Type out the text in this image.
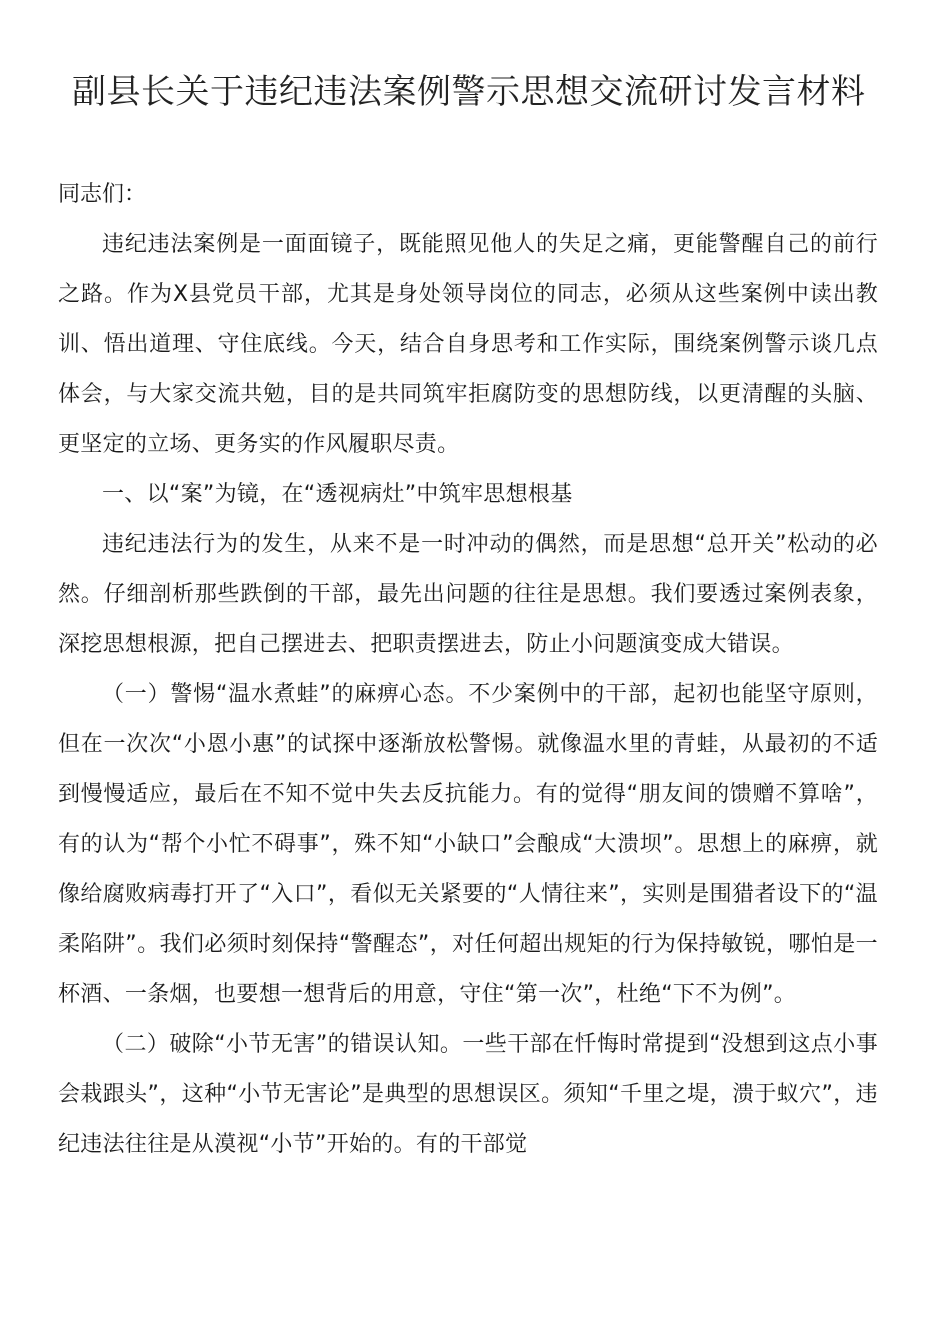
副县长关于违纪违法案例警示思想交流研讨发言材料

同志们：

违纪违法案例是一面面镜子，既能照见他人的失足之痛，更能警醒自己的前行之路。作为X县党员干部，尤其是身处领导岗位的同志，必须从这些案例中读出教训、悟出道理、守住底线。今天，结合自身思考和工作实际，围绕案例警示谈几点体会，与大家交流共勉，目的是共同筑牢拒腐防变的思想防线，以更清醒的头脑、更坚定的立场、更务实的作风履职尽责。

一、以“案”为镜，在“透视病灶”中筑牢思想根基

违纪违法行为的发生，从来不是一时冲动的偶然，而是思想“总开关”松动的必然。仔细剖析那些跌倒的干部，最先出问题的往往是思想。我们要透过案例表象，深挖思想根源，把自己摆进去、把职责摆进去，防止小问题演变成大错误。

（一）警惕“温水煮蛙”的麻痹心态。不少案例中的干部，起初也能坚守原则，但在一次次“小恩小惠”的试探中逐渐放松警惕。就像温水里的青蛙，从最初的不适到慢慢适应，最后在不知不觉中失去反抗能力。有的觉得“朋友间的馈赠不算啥”，有的认为“帮个小忙不碍事”，殊不知“小缺口”会酿成“大溃坝”。思想上的麻痹，就像给腐败病毒打开了“入口”，看似无关紧要的“人情往来”，实则是围猎者设下的“温柔陷阱”。我们必须时刻保持“警醒态”，对任何超出规矩的行为保持敏锐，哪怕是一杯酒、一条烟，也要想一想背后的用意，守住“第一次”，杜绝“下不为例”。

（二）破除“小节无害”的错误认知。一些干部在忏悔时常提到“没想到这点小事会栽跟头”，这种“小节无害论”是典型的思想误区。须知“千里之堤，溃于蚁穴”，违纪违法往往是从漠视“小节”开始的。有的干部觉
